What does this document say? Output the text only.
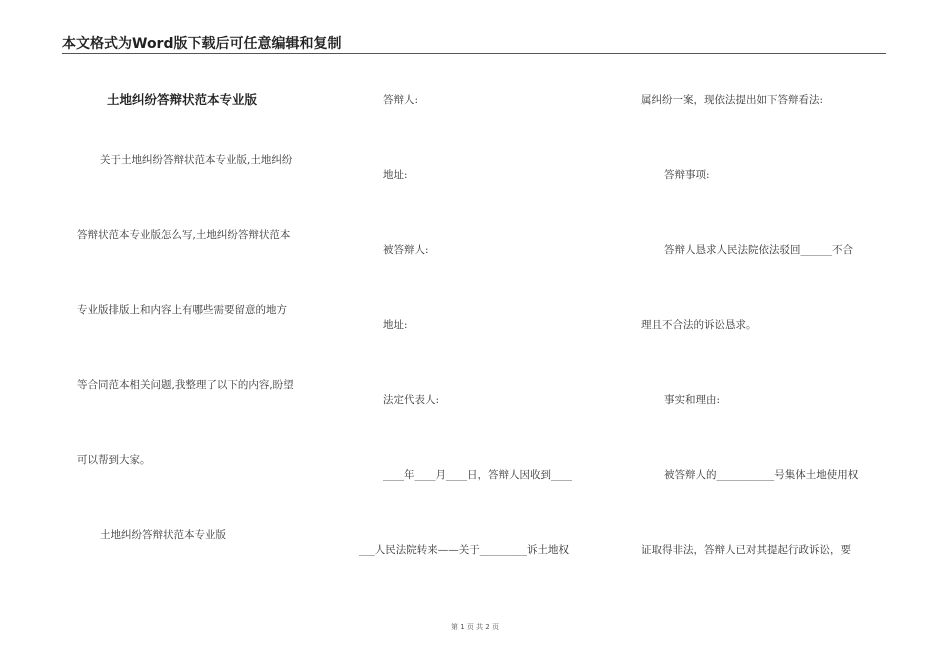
本文格式为Word版下载后可任意编辑和复制
土地纠纷答辩状范本专业版
关于土地纠纷答辩状范本专业版,土地纠纷
答辩状范本专业版怎么写,土地纠纷答辩状范本
专业版排版上和内容上有哪些需要留意的地方
等合同范本相关问题,我整理了以下的内容,盼望
可以帮到大家。
土地纠纷答辩状范本专业版
答辩人:
地址:
被答辩人:
地址:
法定代表人:
____年____月____日，答辩人因收到____
___人民法院转来——关于_________诉土地权
属纠纷一案，现依法提出如下答辩看法:
答辩事项:
答辩人恳求人民法院依法驳回______不合
理且不合法的诉讼恳求。
事实和理由:
被答辩人的___________号集体土地使用权
证取得非法，答辩人已对其提起行政诉讼，要
第 1 页 共 2 页
